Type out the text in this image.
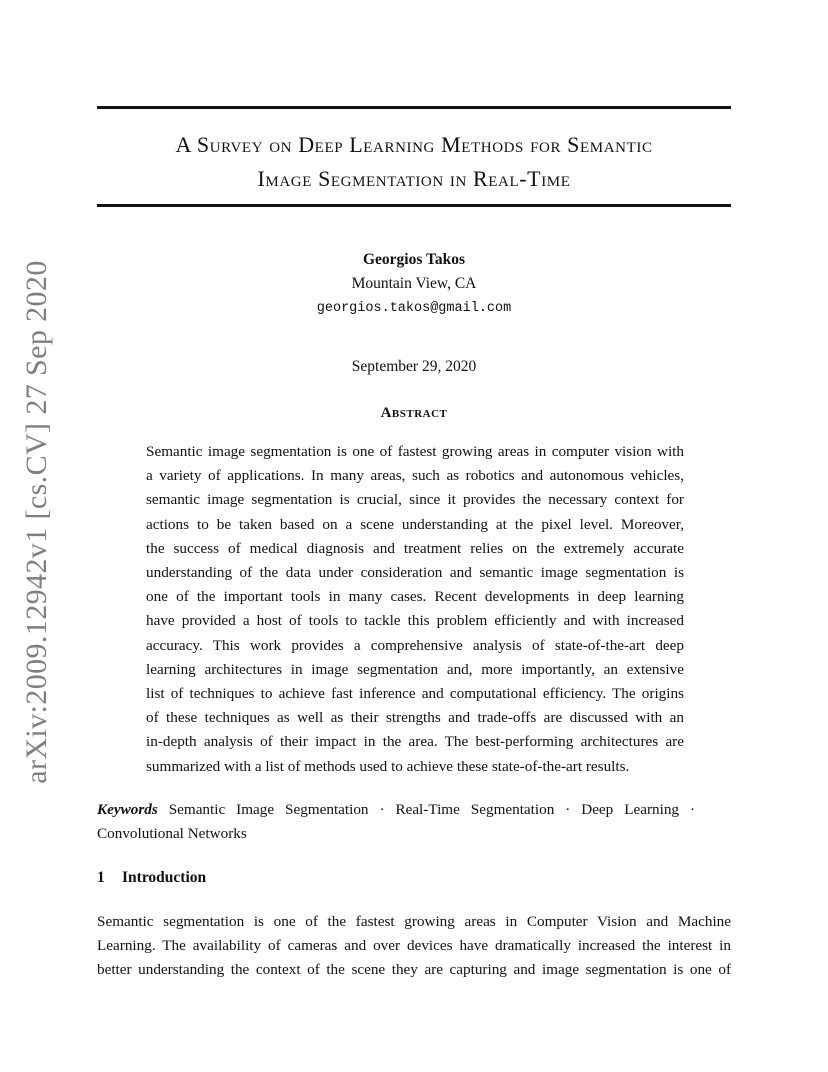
arXiv:2009.12942v1 [cs.CV] 27 Sep 2020
A Survey on Deep Learning Methods for Semantic
Image Segmentation in Real-Time
Georgios Takos
Mountain View, CA
georgios.takos@gmail.com
September 29, 2020
Abstract
Semantic image segmentation is one of fastest growing areas in computer vision with
a variety of applications. In many areas, such as robotics and autonomous vehicles,
semantic image segmentation is crucial, since it provides the necessary context for
actions to be taken based on a scene understanding at the pixel level. Moreover,
the success of medical diagnosis and treatment relies on the extremely accurate
understanding of the data under consideration and semantic image segmentation is
one of the important tools in many cases. Recent developments in deep learning
have provided a host of tools to tackle this problem efficiently and with increased
accuracy. This work provides a comprehensive analysis of state-of-the-art deep
learning architectures in image segmentation and, more importantly, an extensive
list of techniques to achieve fast inference and computational efficiency. The origins
of these techniques as well as their strengths and trade-offs are discussed with an
in-depth analysis of their impact in the area. The best-performing architectures are
summarized with a list of methods used to achieve these state-of-the-art results.
Keywords Semantic Image Segmentation · Real-Time Segmentation · Deep Learning ·
Convolutional Networks
1 Introduction
Semantic segmentation is one of the fastest growing areas in Computer Vision and Machine
Learning. The availability of cameras and over devices have dramatically increased the interest in
better understanding the context of the scene they are capturing and image segmentation is one of
